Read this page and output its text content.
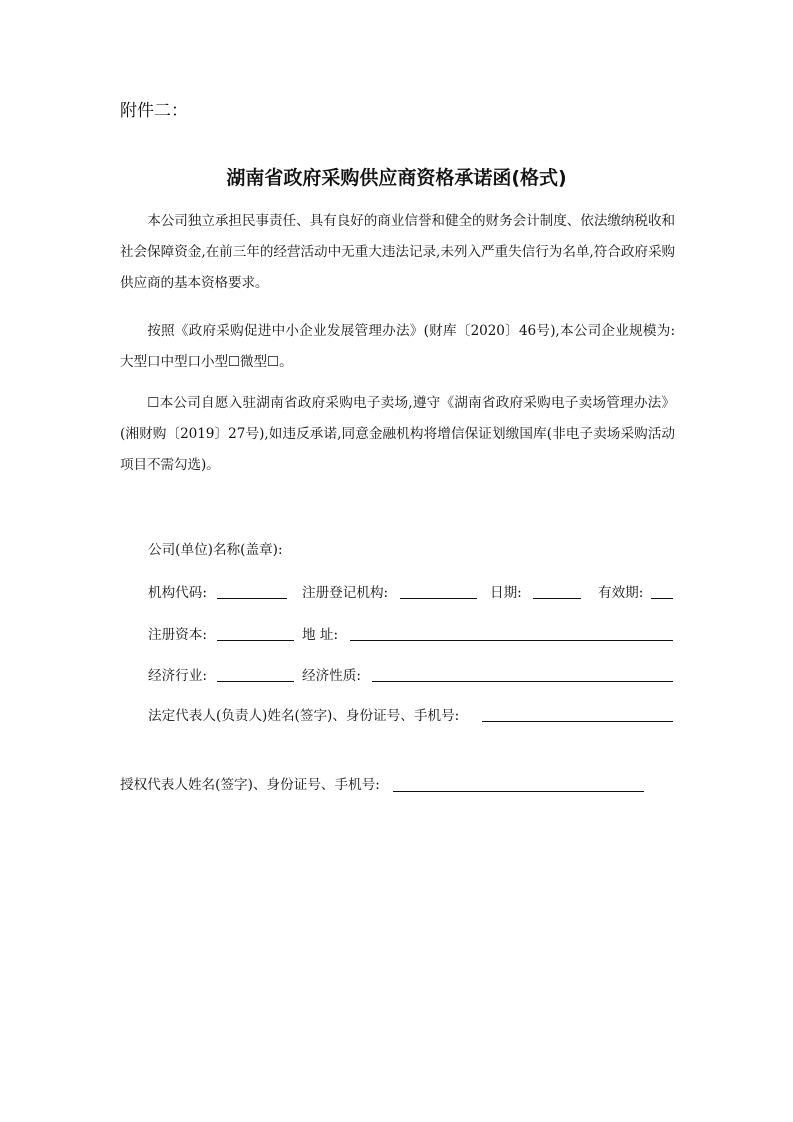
附件二：
湖南省政府采购供应商资格承诺函(格式)

本公司独立承担民事责任、具有良好的商业信誉和健全的财务会计制度、依法缴纳税收和社会保障资金,在前三年的经营活动中无重大违法记录,未列入严重失信行为名单,符合政府采购供应商的基本资格要求。

按照《政府采购促进中小企业发展管理办法》(财库〔2020〕46号),本公司企业规模为:大型口中型口小型☐微型☐。

☐本公司自愿入驻湖南省政府采购电子卖场,遵守《湖南省政府采购电子卖场管理办法》(湘财购〔2019〕27号),如违反承诺,同意金融机构将增信保证划缴国库(非电子卖场采购活动项目不需勾选)。

公司(单位)名称(盖章):
机构代码:	注册登记机构:	日期:	有效期:
注册资本:	地 址:
经济行业:	经济性质:
法定代表人(负责人)姓名(签字)、身份证号、手机号:
授权代表人姓名(签字)、身份证号、手机号:
